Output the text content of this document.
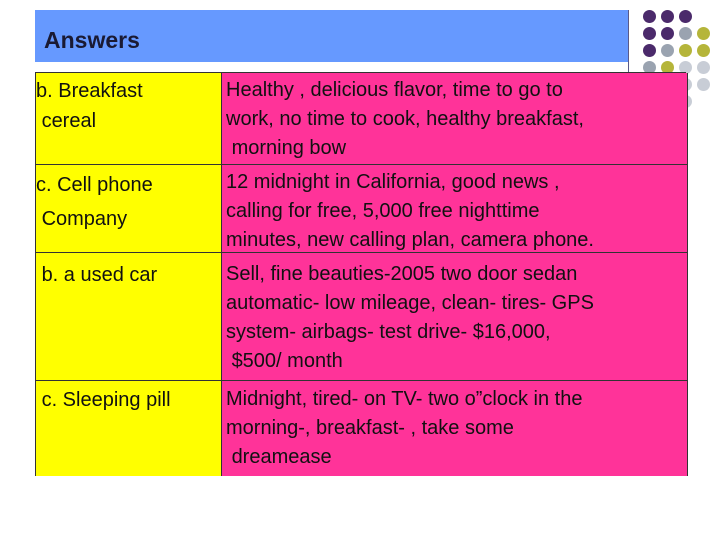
Answers
b. Breakfast
cereal
Healthy , delicious flavor, time to go to
work, no time to cook, healthy breakfast,
morning bow
c. Cell phone
Company
12 midnight in California, good news ,
calling for free, 5,000 free nighttime
minutes, new calling plan, camera phone.
b. a used car	Sell, fine beauties-2005 two door sedan
automatic- low mileage, clean- tires- GPS
system- airbags- test drive- $16,000,
$500/ month
c. Sleeping pill	Midnight, tired- on TV- two o”clock in the
morning-, breakfast- , take some
dreamease
